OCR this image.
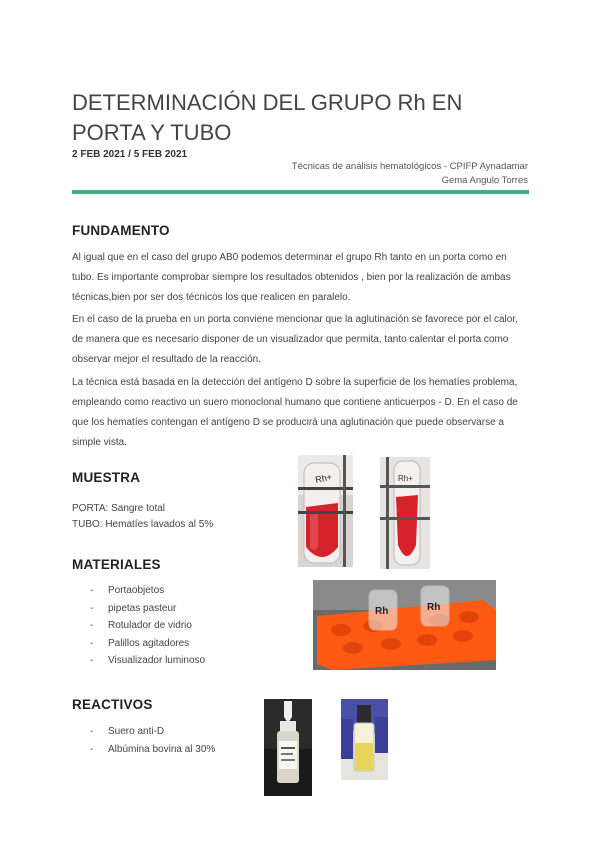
DETERMINACIÓN DEL GRUPO Rh EN PORTA Y TUBO
2 FEB 2021 / 5 FEB 2021
Técnicas de análisis hematológicos - CPIFP Aynadamar
Gema Angulo Torres
FUNDAMENTO

Al igual que en el caso del grupo AB0 podemos determinar el grupo Rh tanto en un porta como en tubo. Es importante comprobar siempre los resultados obtenidos , bien por la realización de ambas técnicas,bien por ser dos técnicos los que realicen en paralelo.

En el caso de la prueba en un porta conviene mencionar que la aglutinación se favorece por el calor, de manera que es necesario disponer de un visualizador que permita, tanto calentar el porta como observar mejor el resultado de la reacción.

La técnica está basada en la detección del antígeno D sobre la superficie de los hematíes problema, empleando como reactivo un suero monoclonal humano que contiene anticuerpos - D. En el caso de que los hematíes contengan el antígeno D se producirá una aglutinación que puede observarse a simple vista.

MUESTRA
PORTA: Sangre total
TUBO: Hematíes lavados al 5%
Rh+	Rh+
MATERIALES
- Portaobjetos
- pipetas pasteur
- Rotulador de vidrio
- Palillos agitadores
- Visualizador luminoso
Rh	Rh
REACTIVOS
- Suero anti-D
- Albúmina bovina al 30%
